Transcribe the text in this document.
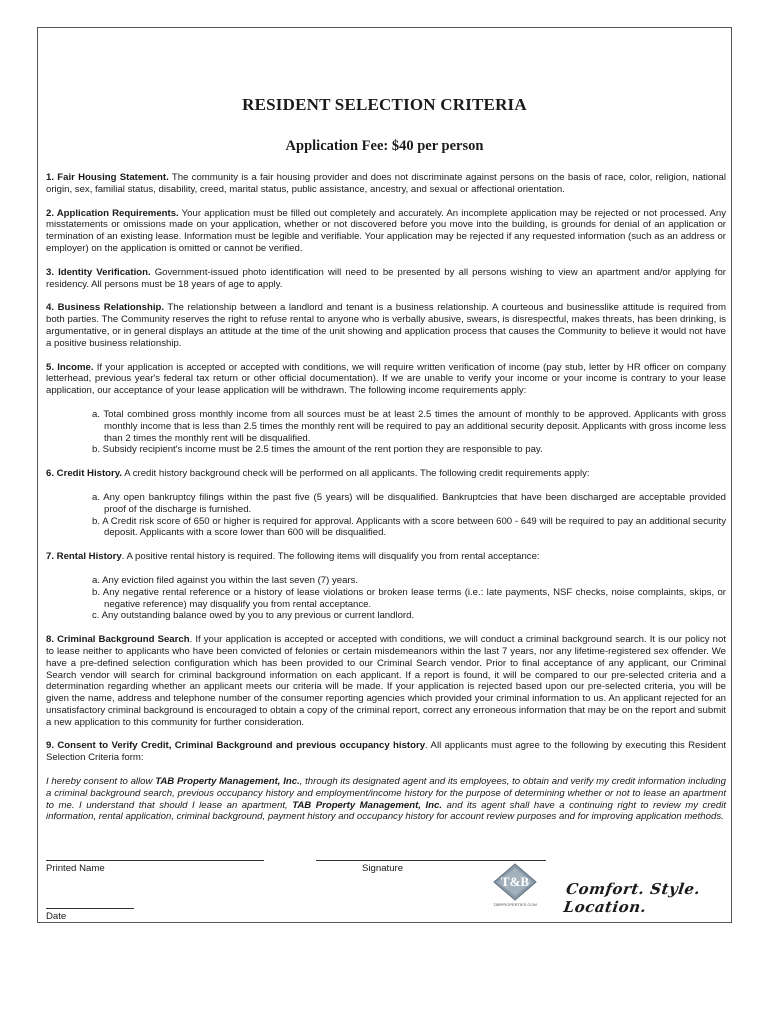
RESIDENT SELECTION CRITERIA
Application Fee: $40 per person

1. Fair Housing Statement. The community is a fair housing provider and does not discriminate against persons on the basis of race, color, religion, national origin, sex, familial status, disability, creed, marital status, public assistance, ancestry, and sexual or affectional orientation.

2. Application Requirements. Your application must be filled out completely and accurately. An incomplete application may be rejected or not processed. Any misstatements or omissions made on your application, whether or not discovered before you move into the building, is grounds for denial of an application or termination of an existing lease. Information must be legible and verifiable. Your application may be rejected if any requested information (such as an address or employer) on the application is omitted or cannot be verified.

3. Identity Verification. Government-issued photo identification will need to be presented by all persons wishing to view an apartment and/or applying for residency. All persons must be 18 years of age to apply.

4. Business Relationship. The relationship between a landlord and tenant is a business relationship. A courteous and businesslike attitude is required from both parties. The Community reserves the right to refuse rental to anyone who is verbally abusive, swears, is disrespectful, makes threats, has been drinking, is argumentative, or in general displays an attitude at the time of the unit showing and application process that causes the Community to believe it would not have a positive business relationship.

5. Income. If your application is accepted or accepted with conditions, we will require written verification of income (pay stub, letter by HR officer on company letterhead, previous year's federal tax return or other official documentation). If we are unable to verify your income or your income is contrary to your lease application, our acceptance of your lease application will be withdrawn. The following income requirements apply:

a. Total combined gross monthly income from all sources must be at least 2.5 times the amount of monthly to be approved. Applicants with gross monthly income that is less than 2.5 times the monthly rent will be required to pay an additional security deposit. Applicants with gross income less than 2 times the monthly rent will be disqualified.
b. Subsidy recipient's income must be 2.5 times the amount of the rent portion they are responsible to pay.

6. Credit History. A credit history background check will be performed on all applicants. The following credit requirements apply:

a. Any open bankruptcy filings within the past five (5 years) will be disqualified. Bankruptcies that have been discharged are acceptable provided proof of the discharge is furnished.
b. A Credit risk score of 650 or higher is required for approval. Applicants with a score between 600 - 649 will be required to pay an additional security deposit. Applicants with a score lower than 600 will be disqualified.

7. Rental History. A positive rental history is required. The following items will disqualify you from rental acceptance:

a. Any eviction filed against you within the last seven (7) years.
b. Any negative rental reference or a history of lease violations or broken lease terms (i.e.: late payments, NSF checks, noise complaints, skips, or negative reference) may disqualify you from rental acceptance.
c. Any outstanding balance owed by you to any previous or current landlord.

8. Criminal Background Search. If your application is accepted or accepted with conditions, we will conduct a criminal background search. It is our policy not to lease neither to applicants who have been convicted of felonies or certain misdemeanors within the last 7 years, nor any lifetime-registered sex offender. We have a pre-defined selection configuration which has been provided to our Criminal Search vendor. Prior to final acceptance of any applicant, our Criminal Search vendor will search for criminal background information on each applicant. If a report is found, it will be compared to our pre-selected criteria and a determination regarding whether an applicant meets our criteria will be made. If your application is rejected based upon our pre-selected criteria, you will be given the name, address and telephone number of the consumer reporting agencies which provided your criminal information to us. An applicant rejected for an unsatisfactory criminal background is encouraged to obtain a copy of the criminal report, correct any erroneous information that may be on the report and submit a new application to this community for further consideration.

9. Consent to Verify Credit, Criminal Background and previous occupancy history. All applicants must agree to the following by executing this Resident Selection Criteria form:

I hereby consent to allow TAB Property Management, Inc., through its designated agent and its employees, to obtain and verify my credit information including a criminal background search, previous occupancy history and employment/income history for the purpose of determining whether or not to lease an apartment to me. I understand that should I lease an apartment, TAB Property Management, Inc. and its agent shall have a continuing right to review my credit information, rental application, criminal background, payment history and occupancy history for account review purposes and for improving application methods.

Printed Name	Signature
Date
T&B
TABPROPERTIES.COM
Comfort. Style. Location.
